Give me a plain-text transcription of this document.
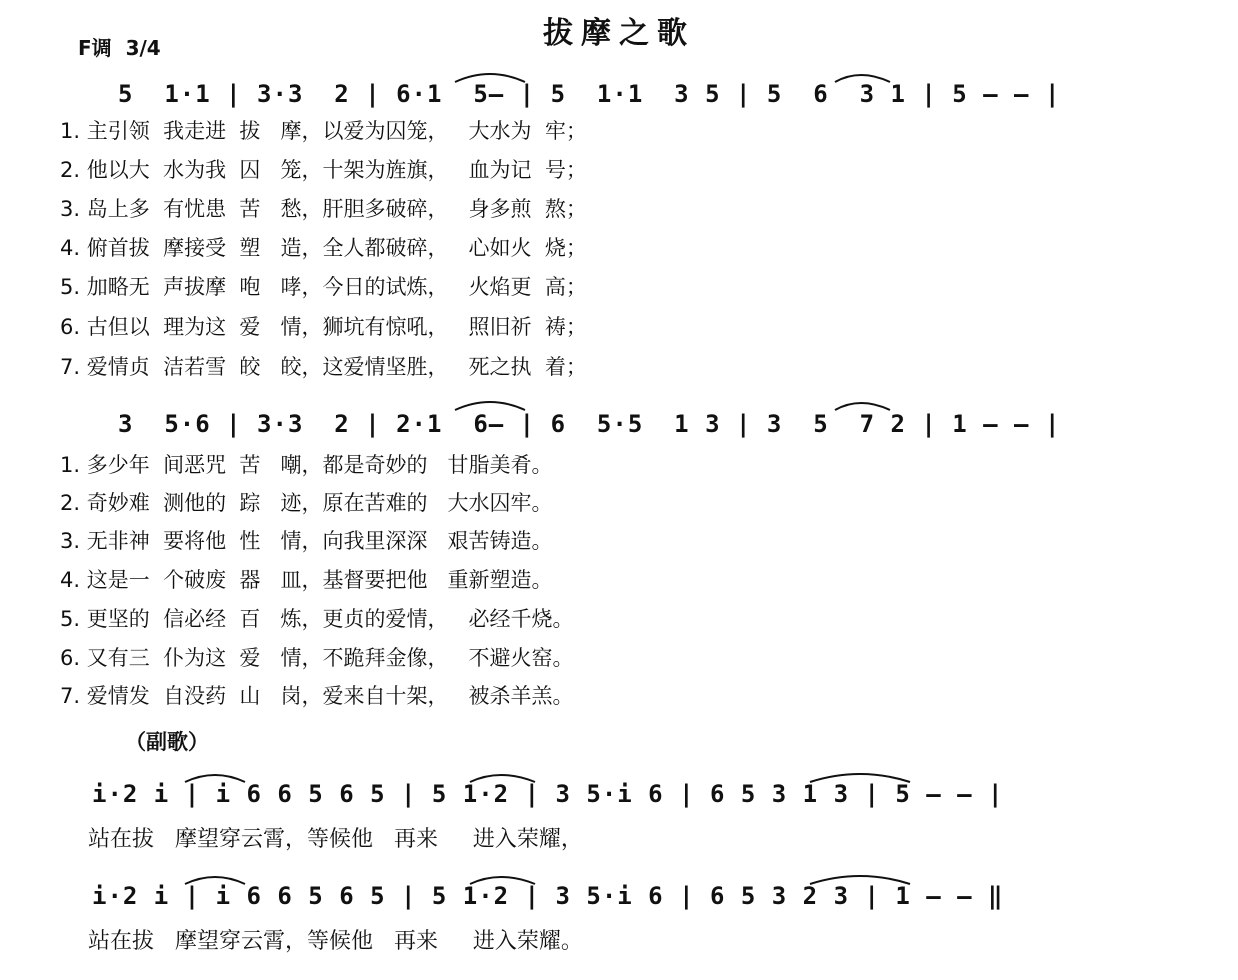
拔摩之歌
F调  3/4
5  1·1 | 3·3  2 | 6·1  5— | 5  1·1  3 5 | 5  6  3 1 | 5 — — |
1. 主引领  我走进  拔   摩，以爱为囚笼，   大水为  牢；
2. 他以大  水为我  囚   笼，十架为旌旗，   血为记  号；
3. 岛上多  有忧患  苦   愁，肝胆多破碎，   身多煎  熬；
4. 俯首拔  摩接受  塑   造，全人都破碎，   心如火  烧；
5. 加略无  声拔摩  咆   哮，今日的试炼，   火焰更  高；
6. 古但以  理为这  爱   情，狮坑有惊吼，   照旧祈  祷；
7. 爱情贞  洁若雪  皎   皎，这爱情坚胜，   死之执  着；
3  5·6 | 3·3  2 | 2·1  6— | 6  5·5  1 3 | 3  5  7 2 | 1 — — |
1. 多少年  间恶咒  苦   嘲，都是奇妙的   甘脂美肴。
2. 奇妙难  测他的  踪   迹，原在苦难的   大水囚牢。
3. 无非神  要将他  性   情，向我里深深   艰苦铸造。
4. 这是一  个破废  器   皿，基督要把他   重新塑造。
5. 更坚的  信必经  百   炼，更贞的爱情，   必经千烧。
6. 又有三  仆为这  爱   情，不跪拜金像，   不避火窑。
7. 爱情发  自没药  山   岗，爱来自十架，   被杀羊羔。
（副歌）
i·2 i | i 6 6 5 6 5 | 5 1·2 | 3 5·i 6 | 6 5 3 1 3 | 5 — — |
站在拔   摩望穿云霄，等候他   再来     进入荣耀，
i·2 i | i 6 6 5 6 5 | 5 1·2 | 3 5·i 6 | 6 5 3 2 3 | 1 — — ‖
站在拔   摩望穿云霄，等候他   再来     进入荣耀。
